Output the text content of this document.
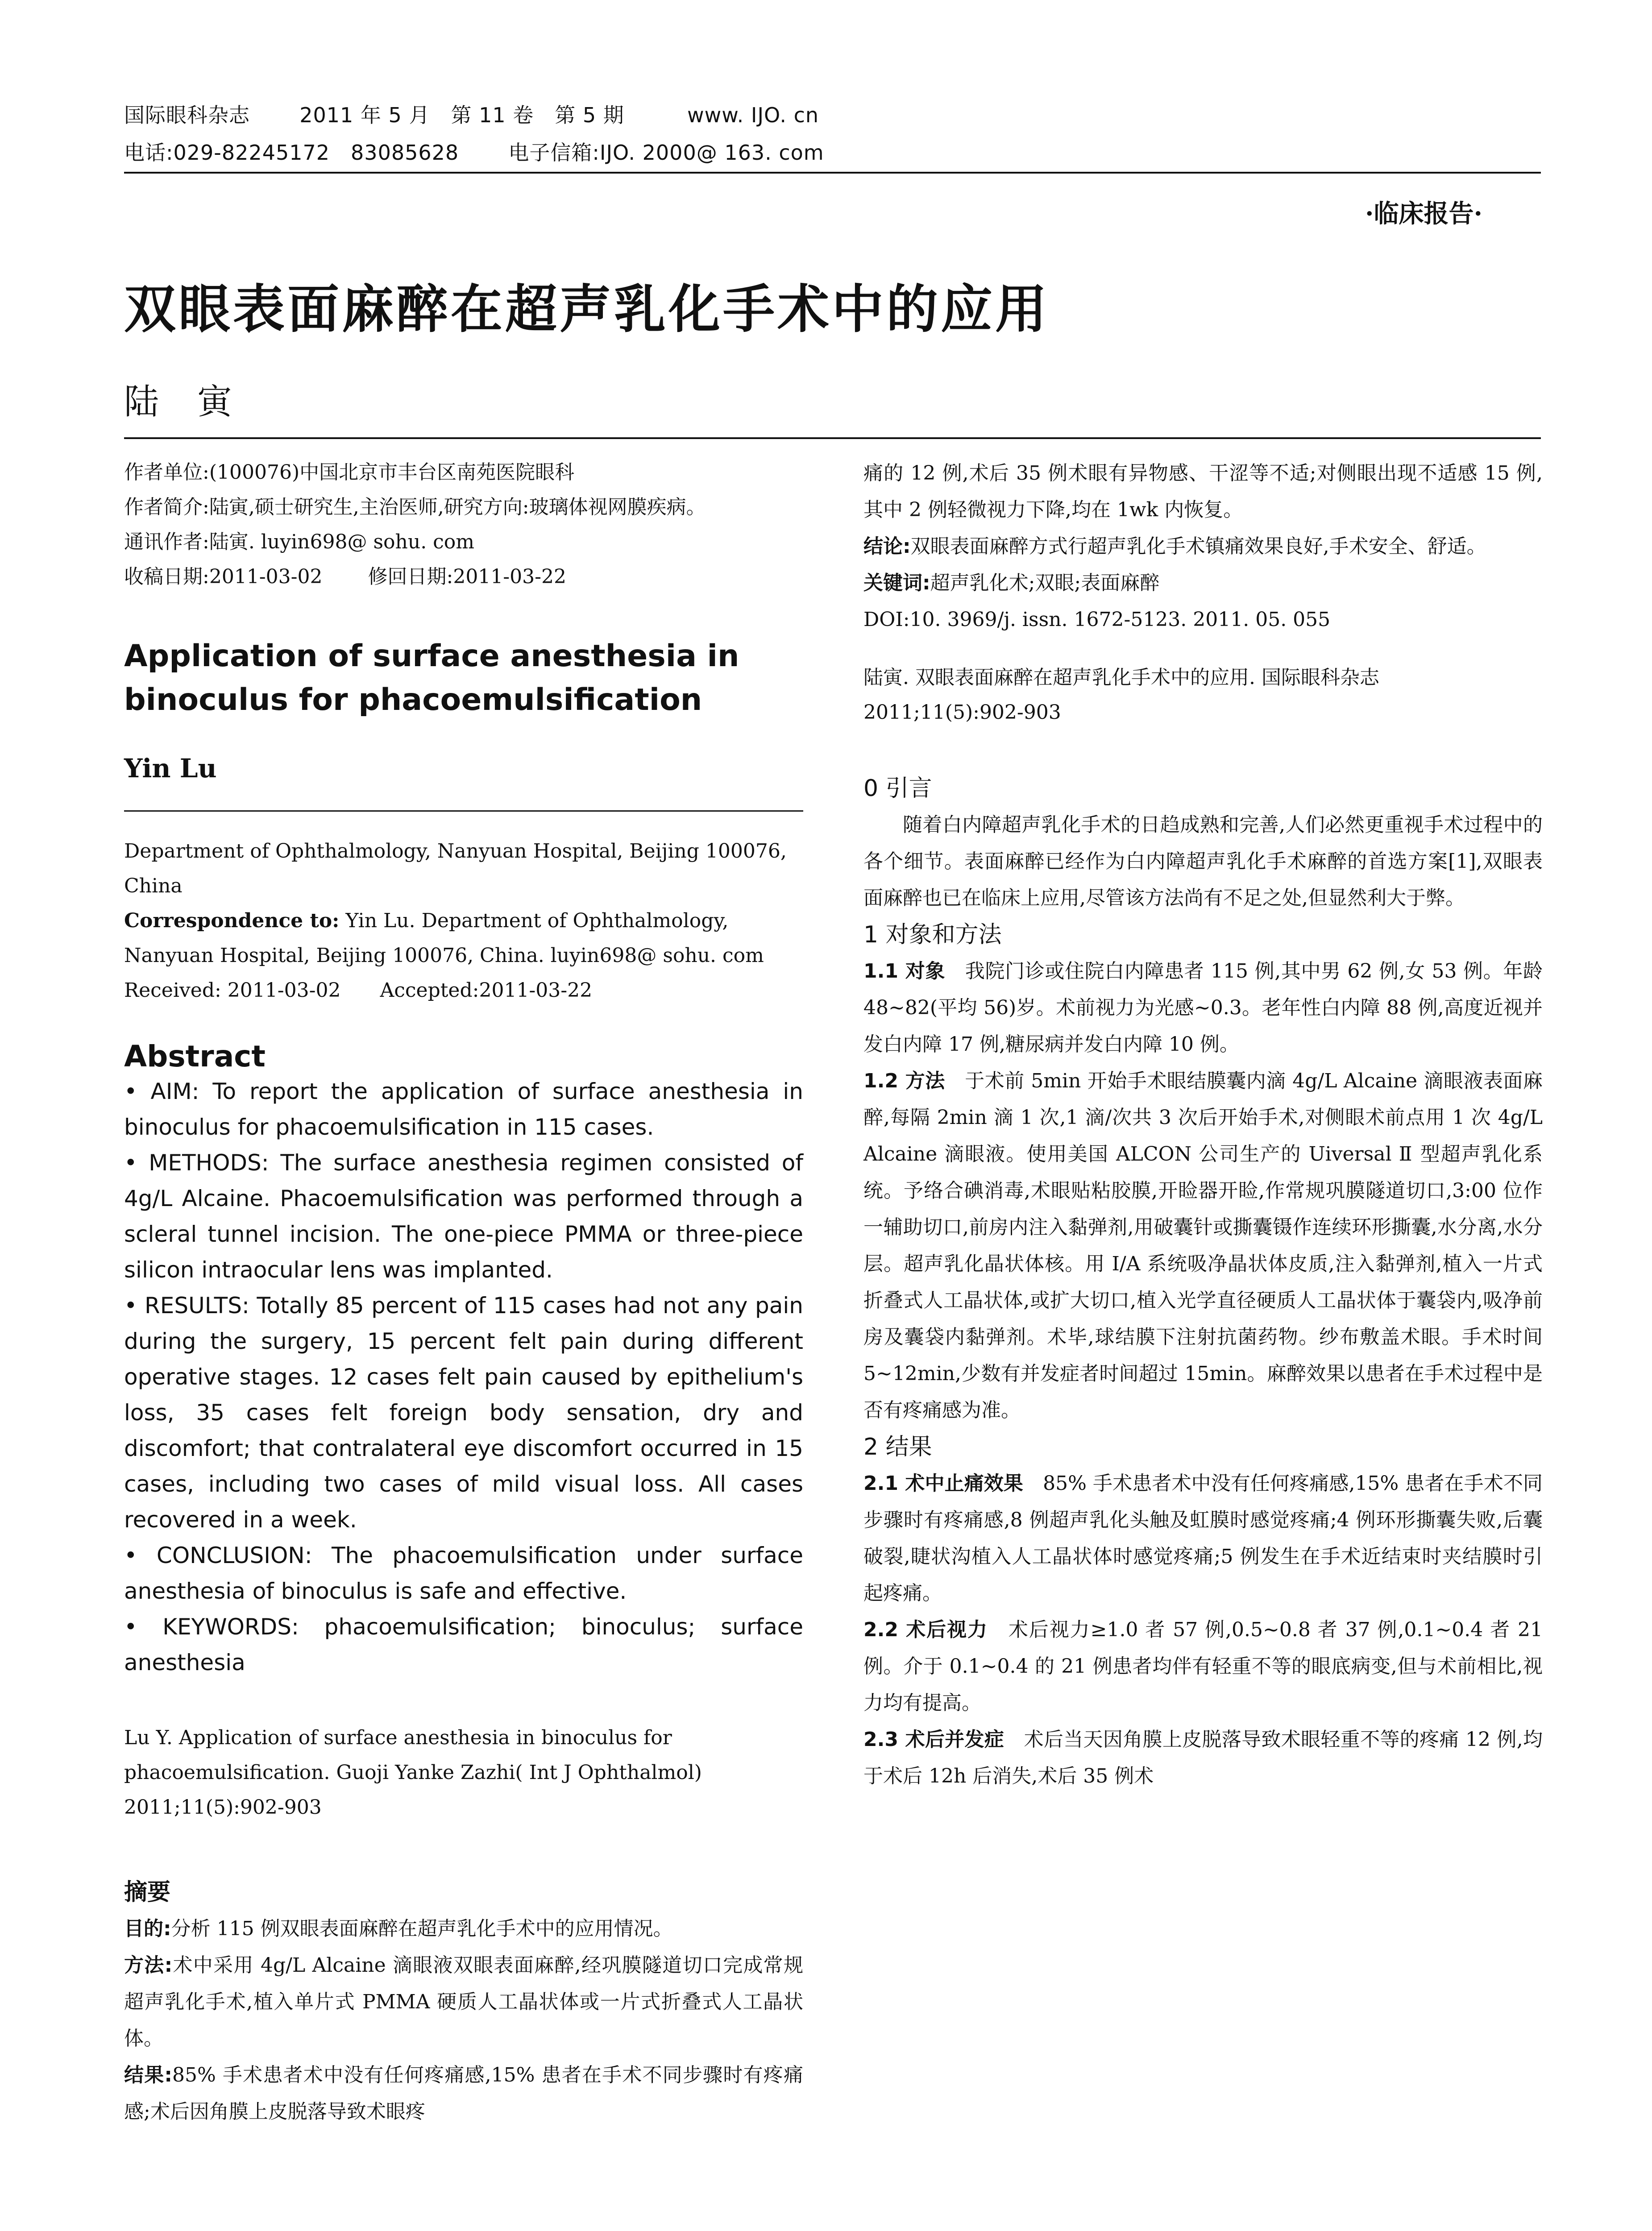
国际眼科杂志 2011 年 5 月　第 11 卷　第 5 期	www. IJO. cn
电话:029-82245172　83085628 电子信箱:IJO. 2000@ 163. com
·临床报告·
双眼表面麻醉在超声乳化手术中的应用
陆寅

作者单位:(100076)中国北京市丰台区南苑医院眼科

作者简介:陆寅,硕士研究生,主治医师,研究方向:玻璃体视网膜疾病。

通讯作者:陆寅. luyin698@ sohu. com

收稿日期:2011-03-02　　 修回日期:2011-03-22

Application of surface anesthesia in binoculus for phacoemulsification

Yin Lu

Department of Ophthalmology, Nanyuan Hospital, Beijing 100076, China

Correspondence to: Yin Lu. Department of Ophthalmology, Nanyuan Hospital, Beijing 100076, China. luyin698@ sohu. com

Received: 2011-03-02　　Accepted:2011-03-22

Abstract

• AIM: To report the application of surface anesthesia in binoculus for phacoemulsification in 115 cases.

• METHODS: The surface anesthesia regimen consisted of 4g/L Alcaine. Phacoemulsification was performed through a scleral tunnel incision. The one-piece PMMA or three-piece silicon intraocular lens was implanted.

• RESULTS: Totally 85 percent of 115 cases had not any pain during the surgery, 15 percent felt pain during different operative stages. 12 cases felt pain caused by epithelium's loss, 35 cases felt foreign body sensation, dry and discomfort; that contralateral eye discomfort occurred in 15 cases, including two cases of mild visual loss. All cases recovered in a week.

• CONCLUSION: The phacoemulsification under surface anesthesia of binoculus is safe and effective.

• KEYWORDS: phacoemulsification; binoculus; surface anesthesia

Lu Y. Application of surface anesthesia in binoculus for phacoemulsification. Guoji Yanke Zazhi( Int J Ophthalmol) 2011;11(5):902-903

摘要

目的:分析 115 例双眼表面麻醉在超声乳化手术中的应用情况。

方法:术中采用 4g/L Alcaine 滴眼液双眼表面麻醉,经巩膜隧道切口完成常规超声乳化手术,植入单片式 PMMA 硬质人工晶状体或一片式折叠式人工晶状体。

结果:85% 手术患者术中没有任何疼痛感,15% 患者在手术不同步骤时有疼痛感;术后因角膜上皮脱落导致术眼疼

痛的 12 例,术后 35 例术眼有异物感、干涩等不适;对侧眼出现不适感 15 例,其中 2 例轻微视力下降,均在 1wk 内恢复。

结论:双眼表面麻醉方式行超声乳化手术镇痛效果良好,手术安全、舒适。

关键词:超声乳化术;双眼;表面麻醉

DOI:10. 3969/j. issn. 1672-5123. 2011. 05. 055

陆寅. 双眼表面麻醉在超声乳化手术中的应用. 国际眼科杂志 2011;11(5):902-903

0 引言

随着白内障超声乳化手术的日趋成熟和完善,人们必然更重视手术过程中的各个细节。表面麻醉已经作为白内障超声乳化手术麻醉的首选方案[1],双眼表面麻醉也已在临床上应用,尽管该方法尚有不足之处,但显然利大于弊。

1 对象和方法

1.1 对象　 我院门诊或住院白内障患者 115 例,其中男 62 例,女 53 例。年龄 48~82(平均 56)岁。术前视力为光感~0.3。老年性白内障 88 例,高度近视并发白内障 17 例,糖尿病并发白内障 10 例。

1.2 方法　 于术前 5min 开始手术眼结膜囊内滴 4g/L Alcaine 滴眼液表面麻醉,每隔 2min 滴 1 次,1 滴/次共 3 次后开始手术,对侧眼术前点用 1 次 4g/L Alcaine 滴眼液。使用美国 ALCON 公司生产的 Uiversal Ⅱ 型超声乳化系统。予络合碘消毒,术眼贴粘胶膜,开睑器开睑,作常规巩膜隧道切口,3:00 位作一辅助切口,前房内注入黏弹剂,用破囊针或撕囊镊作连续环形撕囊,水分离,水分层。超声乳化晶状体核。用 I/A 系统吸净晶状体皮质,注入黏弹剂,植入一片式折叠式人工晶状体,或扩大切口,植入光学直径硬质人工晶状体于囊袋内,吸净前房及囊袋内黏弹剂。术毕,球结膜下注射抗菌药物。纱布敷盖术眼。手术时间 5~12min,少数有并发症者时间超过 15min。麻醉效果以患者在手术过程中是否有疼痛感为准。

2 结果

2.1 术中止痛效果　 85% 手术患者术中没有任何疼痛感,15% 患者在手术不同步骤时有疼痛感,8 例超声乳化头触及虹膜时感觉疼痛;4 例环形撕囊失败,后囊破裂,睫状沟植入人工晶状体时感觉疼痛;5 例发生在手术近结束时夹结膜时引起疼痛。

2.2 术后视力　 术后视力≥1.0 者 57 例,0.5~0.8 者 37 例,0.1~0.4 者 21 例。介于 0.1~0.4 的 21 例患者均伴有轻重不等的眼底病变,但与术前相比,视力均有提高。

2.3 术后并发症　 术后当天因角膜上皮脱落导致术眼轻重不等的疼痛 12 例,均于术后 12h 后消失,术后 35 例术
